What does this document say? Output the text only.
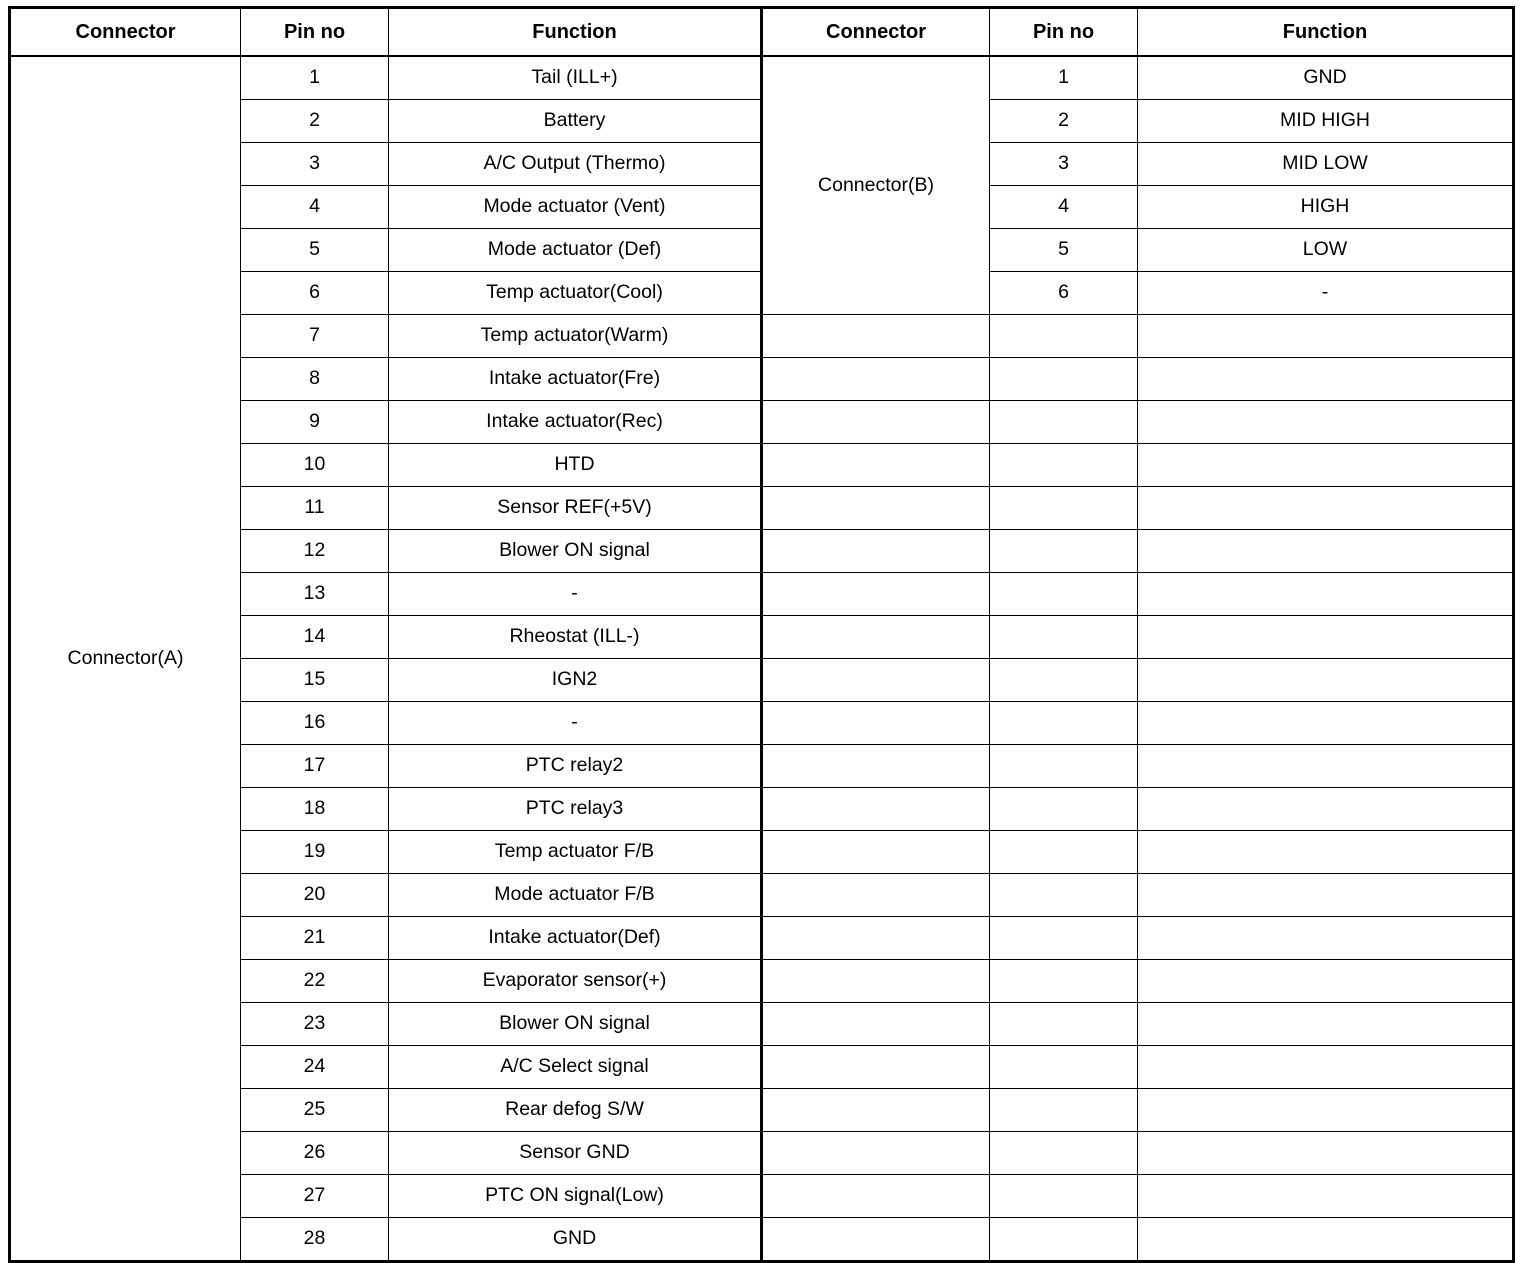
Connector	Pin no	Function	Connector	Pin no	Function
Connector(A)	1	Tail (ILL+)	Connector(B)	1	GND
	2	Battery		2	MID HIGH
	3	A/C Output (Thermo)		3	MID LOW
	4	Mode actuator (Vent)		4	HIGH
	5	Mode actuator (Def)		5	LOW
	6	Temp actuator(Cool)		6	-
	7	Temp actuator(Warm)			
	8	Intake actuator(Fre)			
	9	Intake actuator(Rec)			
	10	HTD			
	11	Sensor REF(+5V)			
	12	Blower ON signal			
	13	-			
	14	Rheostat (ILL-)			
	15	IGN2			
	16	-			
	17	PTC relay2			
	18	PTC relay3			
	19	Temp actuator F/B			
	20	Mode actuator F/B			
	21	Intake actuator(Def)			
	22	Evaporator sensor(+)			
	23	Blower ON signal			
	24	A/C Select signal			
	25	Rear defog S/W			
	26	Sensor GND			
	27	PTC ON signal(Low)			
	28	GND			
